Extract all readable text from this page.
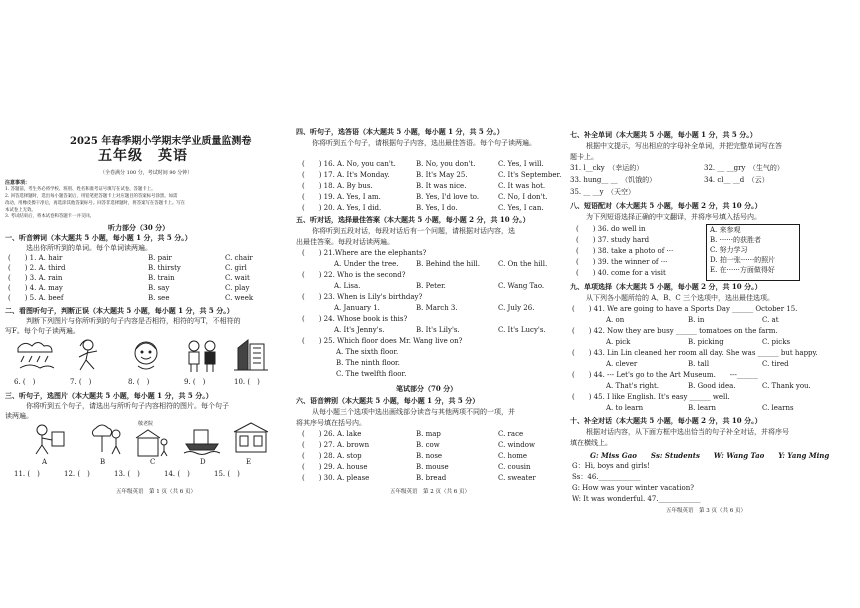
2025 年春季期小学期末学业质量监测卷
五年级　英语
（全卷满分 100 分，考试时间 90 分钟）
注意事项：
1. 答题前，考生务必将学校、班别、姓名和准考证号填写在试卷、答题卡上。
2. 回答选择题时，选出每小题答案后，用铅笔把答题卡上对应题目的答案标号涂黑。如需
改动，用橡皮擦干净后，再选涂其他答案标号。回答非选择题时，将答案写在答题卡上。写在
本试卷上无效。
3. 考试结束后，将本试卷和答题卡一并交回。
听力部分（30 分）
一、听音辨词（本大题共 5 小题，每小题 1 分，共 5 分。）
选出你所听到的单词。每个单词读两遍。
(　　) 1. A. hair	B. pair	C. chair
(　　) 2. A. third	B. thirsty	C. girl
(　　) 3. A. rain	B. train	C. wait
(　　) 4. A. may	B. say	C. play
(　　) 5. A. beef	B. see	C. week
二、看图听句子，判断正误（本大题共 5 小题，每小题 1 分，共 5 分。）
判断下列图片与你所听到的句子内容是否相符，相符的写T，不相符的
写F。每个句子读两遍。
6. (　)	7. (　)	8. (　)	9. (　)	10. (　)
三、听句子，选图片（本大题共 5 小题，每小题 1 分，共 5 分。）
你将听到五个句子，请选出与所听句子内容相符的图片。每个句子
读两遍。
敬老院
A	B	C	D	E
11. (　)	12. (　)	13. (　)	14. (　)	15. (　)
五年级英语　第 1 页（共 6 页）
四、听句子，选答语（本大题共 5 小题，每小题 1 分，共 5 分。）
你将听到五个句子，请根据句子内容，选出最佳答语。每个句子读两遍。
(　　) 16. A. No, you can't.	B. No, you don't.	C. Yes, I will.
(　　) 17. A. It's Monday.	B. It's May 25.	C. It's September.
(　　) 18. A. By bus.	B. It was nice.	C. It was hot.
(　　) 19. A. Yes, I am.	B. Yes, I'd love to.	C. No, I don't.
(　　) 20. A. Yes, I did.	B. Yes, I do.	C. Yes, I can.
五、听对话，选择最佳答案（本大题共 5 小题，每小题 2 分，共 10 分。）
你将听到五段对话，每段对话后有一个问题，请根据对话内容，选
出最佳答案。每段对话读两遍。
(　　) 21.Where are the elephants?
A. Under the tree.	B. Behind the hill.	C. On the hill.
(　　) 22. Who is the second?
A. Lisa.	B. Peter.	C. Wang Tao.
(　　) 23. When is Lily's birthday?
A. January 1.	B. March 3.	C. July 26.
(　　) 24. Whose book is this?
A. It's Jenny's.	B. It's Lily's.	C. It's Lucy's.
(　　) 25. Which floor does Mr. Wang live on?
A. The sixth floor.
B. The ninth floor.
C. The twelfth floor.
笔试部分（70 分）
六、语音辨别（本大题共 5 小题，每小题 1 分，共 5 分）
从每小题三个选项中选出画线部分读音与其他两项不同的一项，并
将其序号填在括号内。
(　　) 26. A. lake	B. map	C. race
(　　) 27. A. brown	B. cow	C. window
(　　) 28. A. stop	B. nose	C. home
(　　) 29. A. house	B. mouse	C. cousin
(　　) 30. A. please	B. bread	C. sweater
五年级英语　第 2 页（共 6 页）
七、补全单词（本大题共 5 小题，每小题 1 分，共 5 分。）
根据中文提示，写出相应的字母补全单词，并把完整单词写在答
题卡上。
31. l__cky　（幸运的）	32. __ __gry　（生气的）
33. hung__ __　（饥饿的）	34. cl__ __d　（云）
35. __ __y　（天空）
八、短语配对（本大题共 5 小题，每小题 2 分，共 10 分。）
为下列短语选择正确的中文翻译，并将序号填入括号内。
(　　) 36. do well in
(　　) 37. study hard
(　　) 38. take a photo of ···
(　　) 39. the winner of ···
(　　) 40. come for a visit
A. 来参观
B. ······的获胜者
C. 努力学习
D. 拍一张······的照片
E. 在······方面做得好
九、单项选择（本大题共 5 小题，每小题 2 分，共 10 分。）
从下列各小题所给的 A、B、C 三个选项中，选出最佳选项。
(　　) 41. We are going to have a Sports Day ______ October 15.
A. on	B. in	C. at
(　　) 42. Now they are busy ______ tomatoes on the farm.
A. pick	B. picking	C. picks
(　　) 43. Lin Lin cleaned her room all day. She was ______ but happy.
A. clever	B. tall	C. tired
(　　) 44. --- Let's go to the Art Museum.　　---______
A. That's right.	B. Good idea.	C. Thank you.
(　　) 45. I like English. It's easy ______ well.
A. to learn	B. learn	C. learns
十、补全对话（本大题共 5 小题，每小题 2 分，共 10 分。）
根据对话内容，从下面方框中选出恰当的句子补全对话，并将序号
填在横线上。
G: Miss Gao　　Ss: Students　　W: Wang Tao　　Y: Yang Ming
G：Hi, boys and girls!
Ss：46.____________
G: How was your winter vacation?
W: It was wonderful. 47.____________
五年级英语　第 3 页（共 6 页）
